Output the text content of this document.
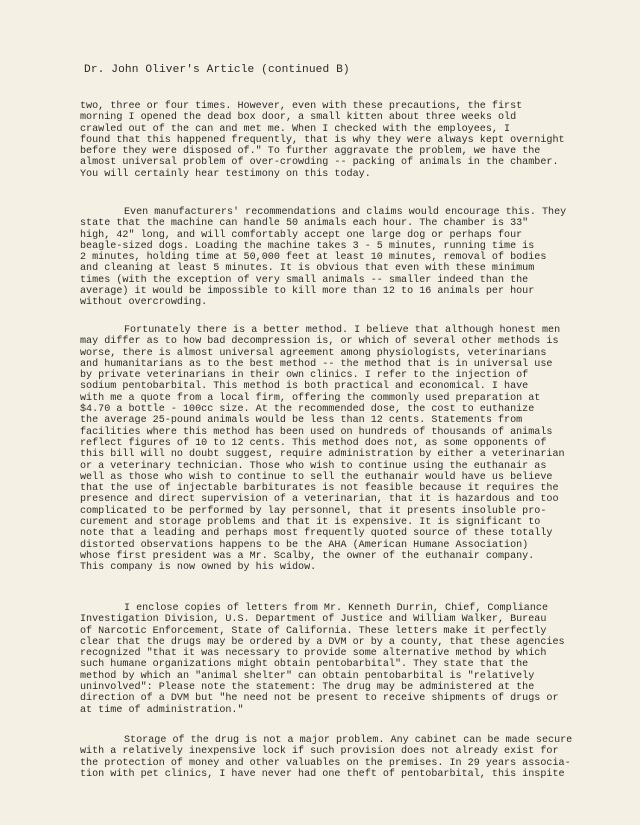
Dr. John Oliver's Article (continued B)
two, three or four times. However, even with these precautions, the first
morning I opened the dead box door, a small kitten about three weeks old
crawled out of the can and met me. When I checked with the employees, I
found that this happened frequently, that is why they were always kept overnight
before they were disposed of." To further aggravate the problem, we have the
almost universal problem of over-crowding -- packing of animals in the chamber.
You will certainly hear testimony on this today.
Even manufacturers' recommendations and claims would encourage this. They
state that the machine can handle 50 animals each hour. The chamber is 33"
high, 42" long, and will comfortably accept one large dog or perhaps four
beagle-sized dogs. Loading the machine takes 3 - 5 minutes, running time is
2 minutes, holding time at 50,000 feet at least 10 minutes, removal of bodies
and cleaning at least 5 minutes. It is obvious that even with these minimum
times (with the exception of very small animals -- smaller indeed than the
average) it would be impossible to kill more than 12 to 16 animals per hour
without overcrowding.
Fortunately there is a better method. I believe that although honest men
may differ as to how bad decompression is, or which of several other methods is
worse, there is almost universal agreement among physiologists, veterinarians
and humanitarians as to the best method -- the method that is in universal use
by private veterinarians in their own clinics. I refer to the injection of
sodium pentobarbital. This method is both practical and economical. I have
with me a quote from a local firm, offering the commonly used preparation at
$4.70 a bottle - 100cc size. At the recommended dose, the cost to euthanize
the average 25-pound animals would be less than 12 cents. Statements from
facilities where this method has been used on hundreds of thousands of animals
reflect figures of 10 to 12 cents. This method does not, as some opponents of
this bill will no doubt suggest, require administration by either a veterinarian
or a veterinary technician. Those who wish to continue using the euthanair as
well as those who wish to continue to sell the euthanair would have us believe
that the use of injectable barbiturates is not feasible because it requires the
presence and direct supervision of a veterinarian, that it is hazardous and too
complicated to be performed by lay personnel, that it presents insoluble pro-
curement and storage problems and that it is expensive. It is significant to
note that a leading and perhaps most frequently quoted source of these totally
distorted observations happens to be the AHA (American Humane Association)
whose first president was a Mr. Scalby, the owner of the euthanair company.
This company is now owned by his widow.
I enclose copies of letters from Mr. Kenneth Durrin, Chief, Compliance
Investigation Division, U.S. Department of Justice and William Walker, Bureau
of Narcotic Enforcement, State of California. These letters make it perfectly
clear that the drugs may be ordered by a DVM or by a county, that these agencies
recognized "that it was necessary to provide some alternative method by which
such humane organizations might obtain pentobarbital". They state that the
method by which an "animal shelter" can obtain pentobarbital is "relatively
uninvolved": Please note the statement: The drug may be administered at the
direction of a DVM but "he need not be present to receive shipments of drugs or
at time of administration."
Storage of the drug is not a major problem. Any cabinet can be made secure
with a relatively inexpensive lock if such provision does not already exist for
the protection of money and other valuables on the premises. In 29 years associa-
tion with pet clinics, I have never had one theft of pentobarbital, this inspite
